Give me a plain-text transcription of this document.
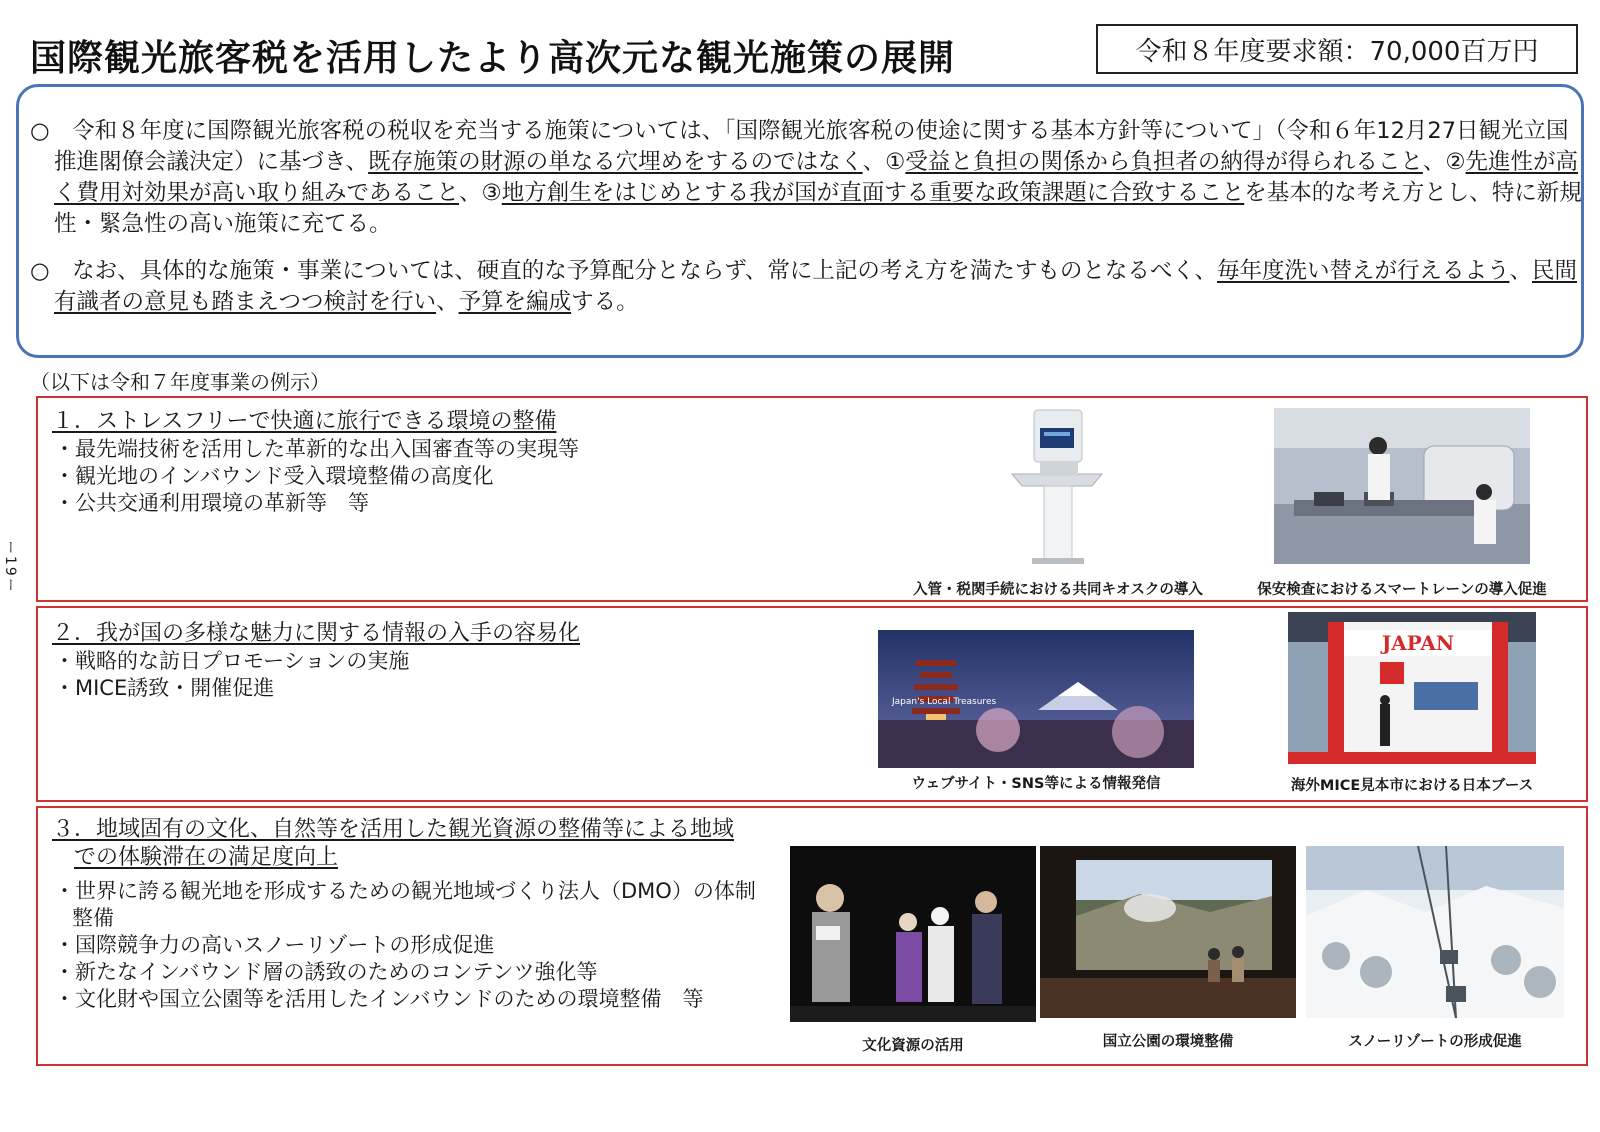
国際観光旅客税を活用したより高次元な観光施策の展開	令和８年度要求額：70,000百万円
○　 令和８年度に国際観光旅客税の税収を充当する施策については、「国際観光旅客税の使途に関する基本方針等について」（令和６年12月27日観光立国推進閣僚会議決定）に基づき、既存施策の財源の単なる穴埋めをするのではなく、①受益と負担の関係から負担者の納得が得られること、②先進性が高く費用対効果が高い取り組みであること、③地方創生をはじめとする我が国が直面する重要な政策課題に合致することを基本的な考え方とし、特に新規性・緊急性の高い施策に充てる。
○　 なお、具体的な施策・事業については、硬直的な予算配分とならず、常に上記の考え方を満たすものとなるべく、毎年度洗い替えが行えるよう、民間有識者の意見も踏まえつつ検討を行い、予算を編成する。
（以下は令和７年度事業の例示）
ー19ー
１．ストレスフリーで快適に旅行できる環境の整備
・最先端技術を活用した革新的な出入国審査等の実現等
・観光地のインバウンド受入環境整備の高度化
・公共交通利用環境の革新等　等
入管・税関手続における共同キオスクの導入	保安検査におけるスマートレーンの導入促進
２．我が国の多様な魅力に関する情報の入手の容易化
・戦略的な訪日プロモーションの実施
・MICE誘致・開催促進
Japan's Local Treasures
ウェブサイト・SNS等による情報発信
JAPAN
海外MICE見本市における日本ブース
３．地域固有の文化、自然等を活用した観光資源の整備等による地域
での体験滞在の満足度向上
・世界に誇る観光地を形成するための観光地域づくり法人（DMO）の体制整備
・国際競争力の高いスノーリゾートの形成促進
・新たなインバウンド層の誘致のためのコンテンツ強化等
・文化財や国立公園等を活用したインバウンドのための環境整備　等
文化資源の活用	国立公園の環境整備	スノーリゾートの形成促進
